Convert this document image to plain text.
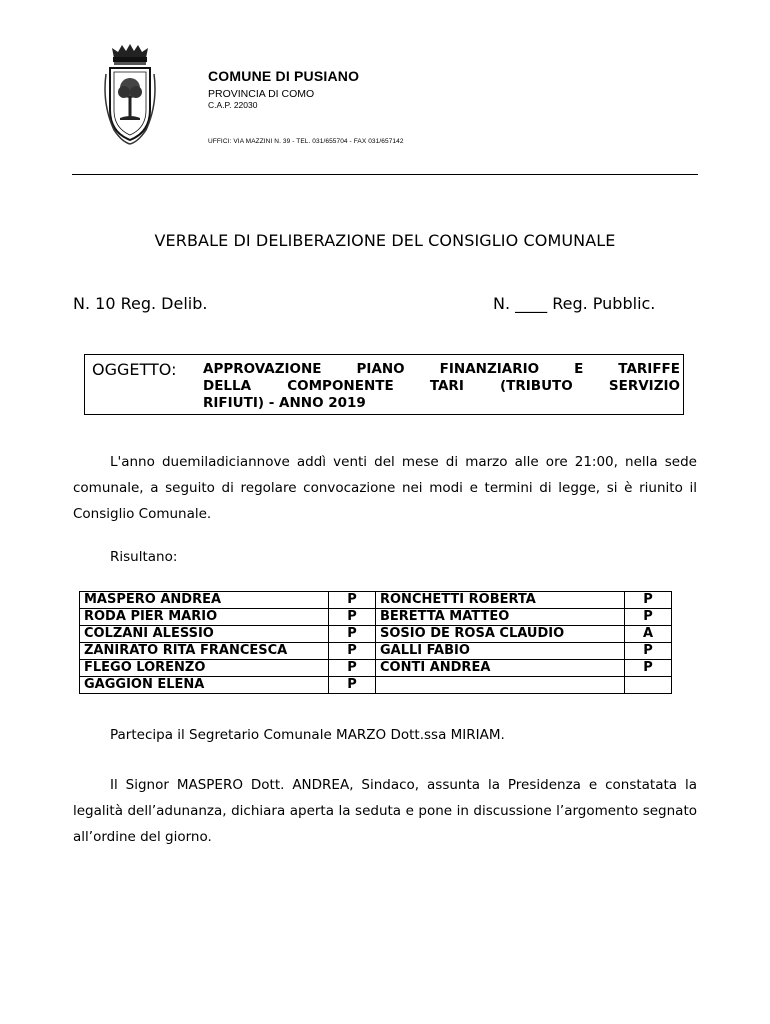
COMUNE DI PUSIANO
PROVINCIA DI COMO
C.A.P. 22030
UFFICI: VIA MAZZINI N. 39 - TEL. 031/655704 - FAX 031/657142
VERBALE DI DELIBERAZIONE DEL CONSIGLIO COMUNALE
N. 10 Reg. Delib.	N. ____ Reg. Pubblic.
OGGETTO: APPROVAZIONE PIANO FINANZIARIO E TARIFFE
DELLA COMPONENTE TARI (TRIBUTO SERVIZIO
RIFIUTI) - ANNO 2019
L'anno duemiladiciannove addì venti del mese di marzo alle ore 21:00, nella sede comunale, a seguito di regolare convocazione nei modi e termini di legge, si è riunito il Consiglio Comunale.
Risultano:
MASPERO ANDREA	P	RONCHETTI ROBERTA	P
RODA PIER MARIO	P	BERETTA MATTEO	P
COLZANI ALESSIO	P	SOSIO DE ROSA CLAUDIO	A
ZANIRATO RITA FRANCESCA	P	GALLI FABIO	P
FLEGO LORENZO	P	CONTI ANDREA	P
GAGGION ELENA	P		
Partecipa il Segretario Comunale MARZO Dott.ssa MIRIAM.
Il Signor MASPERO Dott. ANDREA, Sindaco, assunta la Presidenza e constatata la legalità dell’adunanza, dichiara aperta la seduta e pone in discussione l’argomento segnato all’ordine del giorno.
